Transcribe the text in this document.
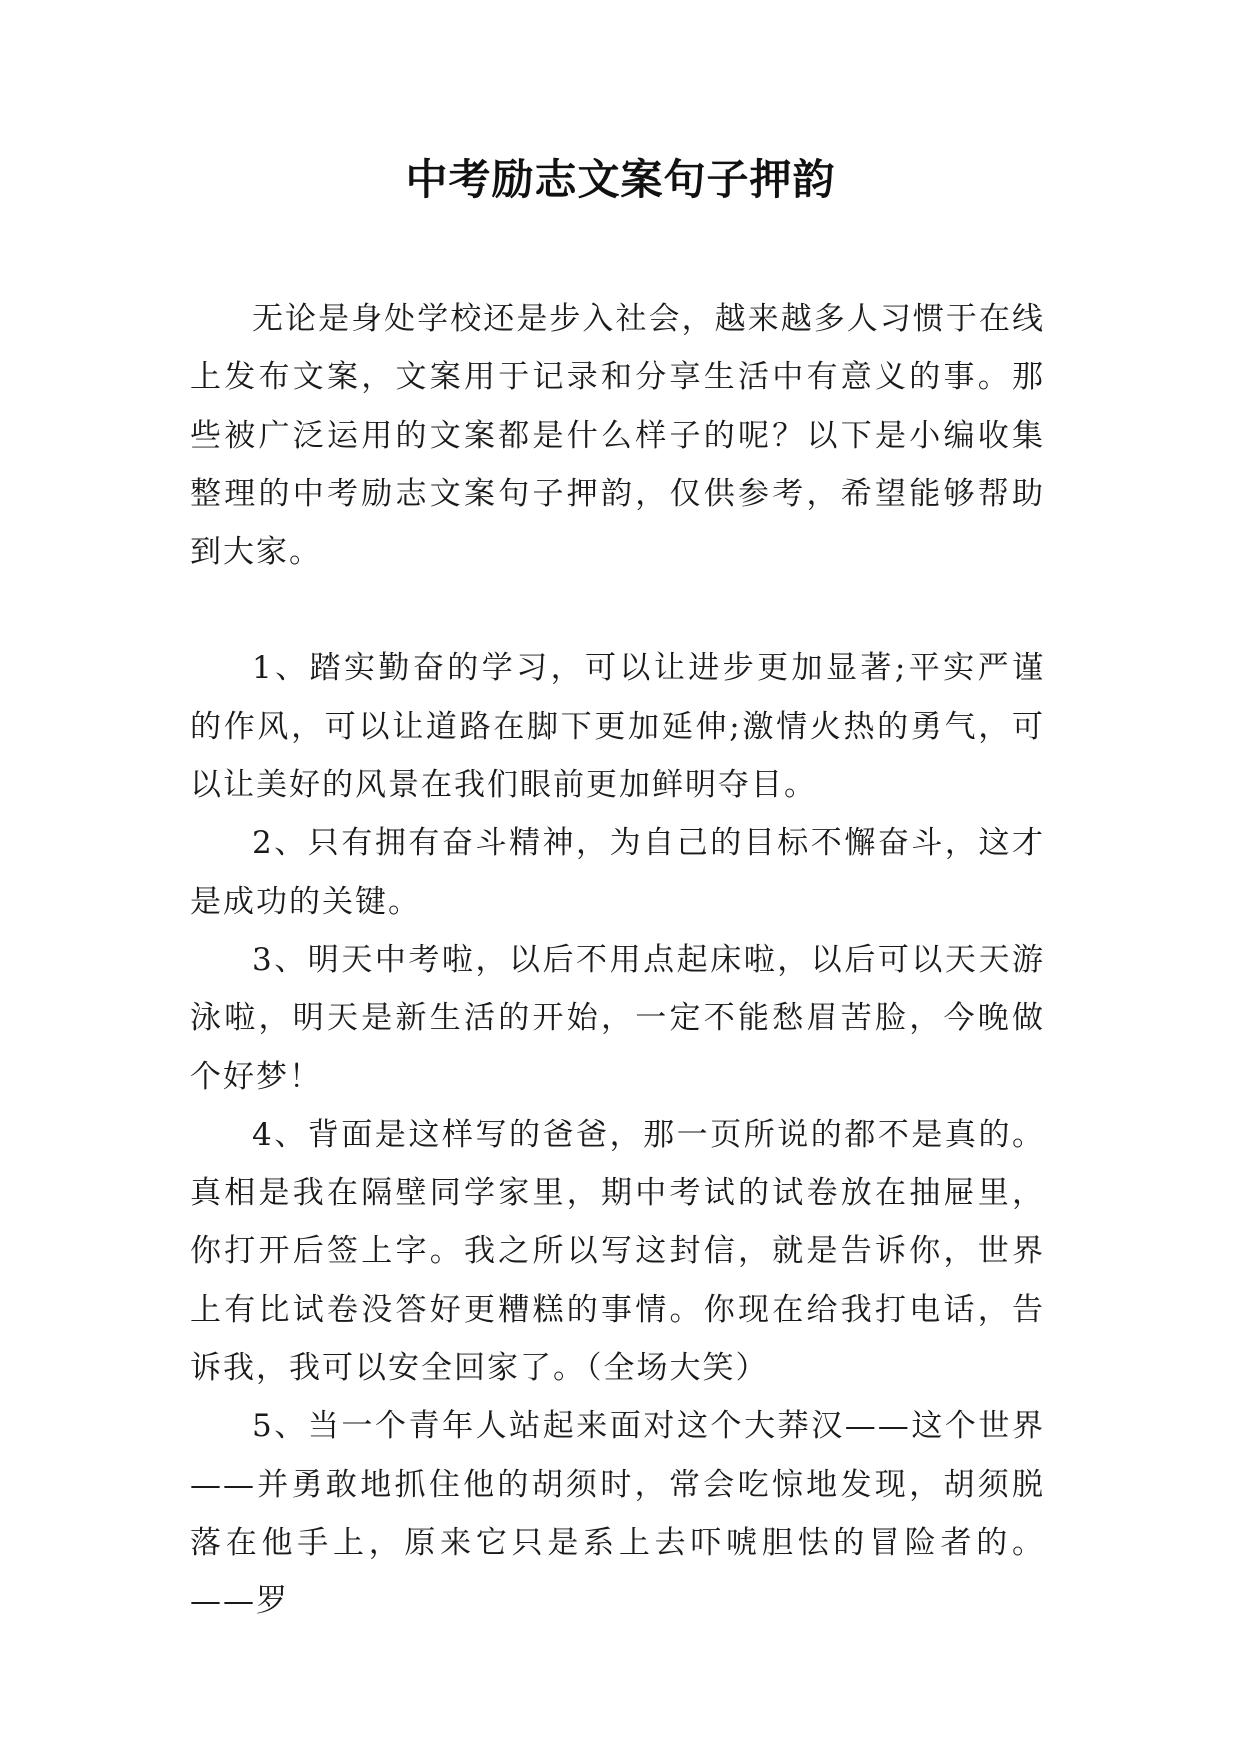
中考励志文案句子押韵

无论是身处学校还是步入社会，越来越多人习惯于在线上发布文案，文案用于记录和分享生活中有意义的事。那些被广泛运用的文案都是什么样子的呢？以下是小编收集整理的中考励志文案句子押韵，仅供参考，希望能够帮助到大家。

1、踏实勤奋的学习，可以让进步更加显著;平实严谨的作风，可以让道路在脚下更加延伸;激情火热的勇气，可以让美好的风景在我们眼前更加鲜明夺目。

2、只有拥有奋斗精神，为自己的目标不懈奋斗，这才是成功的关键。

3、明天中考啦，以后不用点起床啦，以后可以天天游泳啦，明天是新生活的开始，一定不能愁眉苦脸，今晚做个好梦！

4、背面是这样写的爸爸，那一页所说的都不是真的。真相是我在隔壁同学家里，期中考试的试卷放在抽屉里，你打开后签上字。我之所以写这封信，就是告诉你，世界上有比试卷没答好更糟糕的事情。你现在给我打电话，告诉我，我可以安全回家了。（全场大笑）

5、当一个青年人站起来面对这个大莽汉——这个世界——并勇敢地抓住他的胡须时，常会吃惊地发现，胡须脱落在他手上，原来它只是系上去吓唬胆怯的冒险者的。——罗
